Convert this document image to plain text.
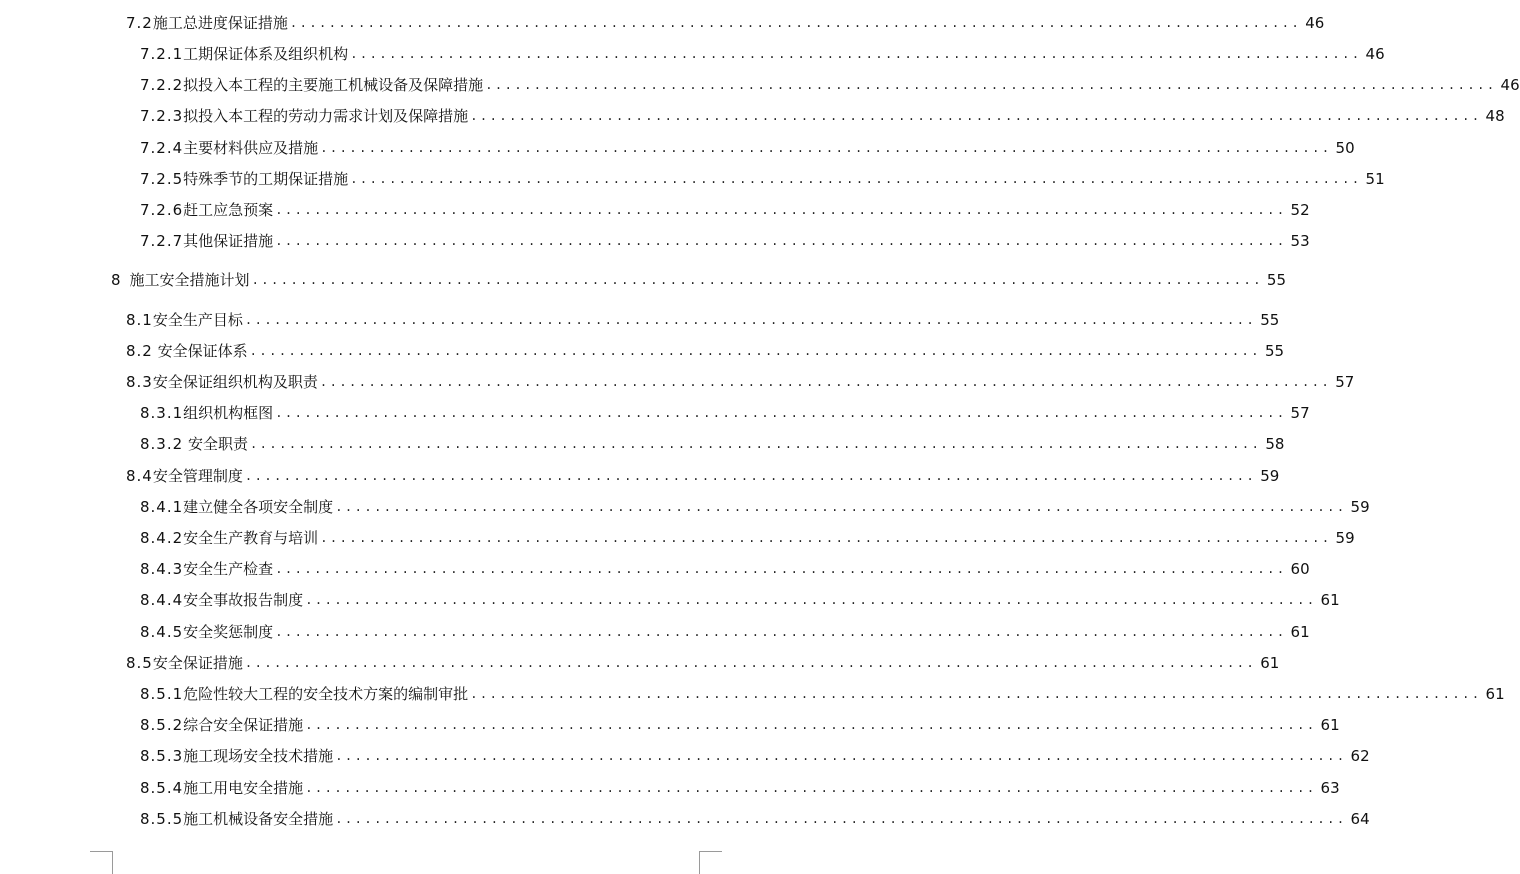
7.2 施工总进度保证措施 ........................................................................................................ 46
7.2.1 工期保证体系及组织机构 ........................................................................................................ 46
7.2.2 拟投入本工程的主要施工机械设备及保障措施 ........................................................................................................ 46
7.2.3 拟投入本工程的劳动力需求计划及保障措施 ........................................................................................................ 48
7.2.4 主要材料供应及措施 ........................................................................................................ 50
7.2.5 特殊季节的工期保证措施 ........................................................................................................ 51
7.2.6 赶工应急预案 ........................................................................................................ 52
7.2.7 其他保证措施 ........................................................................................................ 53
8 施工安全措施计划 ........................................................................................................ 55
8.1 安全生产目标 ........................................................................................................ 55
8.2 安全保证体系 ........................................................................................................ 55
8.3 安全保证组织机构及职责 ........................................................................................................ 57
8.3.1 组织机构框图 ........................................................................................................ 57
8.3.2 安全职责 ........................................................................................................ 58
8.4 安全管理制度 ........................................................................................................ 59
8.4.1 建立健全各项安全制度 ........................................................................................................ 59
8.4.2 安全生产教育与培训 ........................................................................................................ 59
8.4.3 安全生产检查 ........................................................................................................ 60
8.4.4 安全事故报告制度 ........................................................................................................ 61
8.4.5 安全奖惩制度 ........................................................................................................ 61
8.5 安全保证措施 ........................................................................................................ 61
8.5.1 危险性较大工程的安全技术方案的编制审批 ........................................................................................................ 61
8.5.2 综合安全保证措施 ........................................................................................................ 61
8.5.3 施工现场安全技术措施 ........................................................................................................ 62
8.5.4 施工用电安全措施 ........................................................................................................ 63
8.5.5 施工机械设备安全措施 ........................................................................................................ 64
